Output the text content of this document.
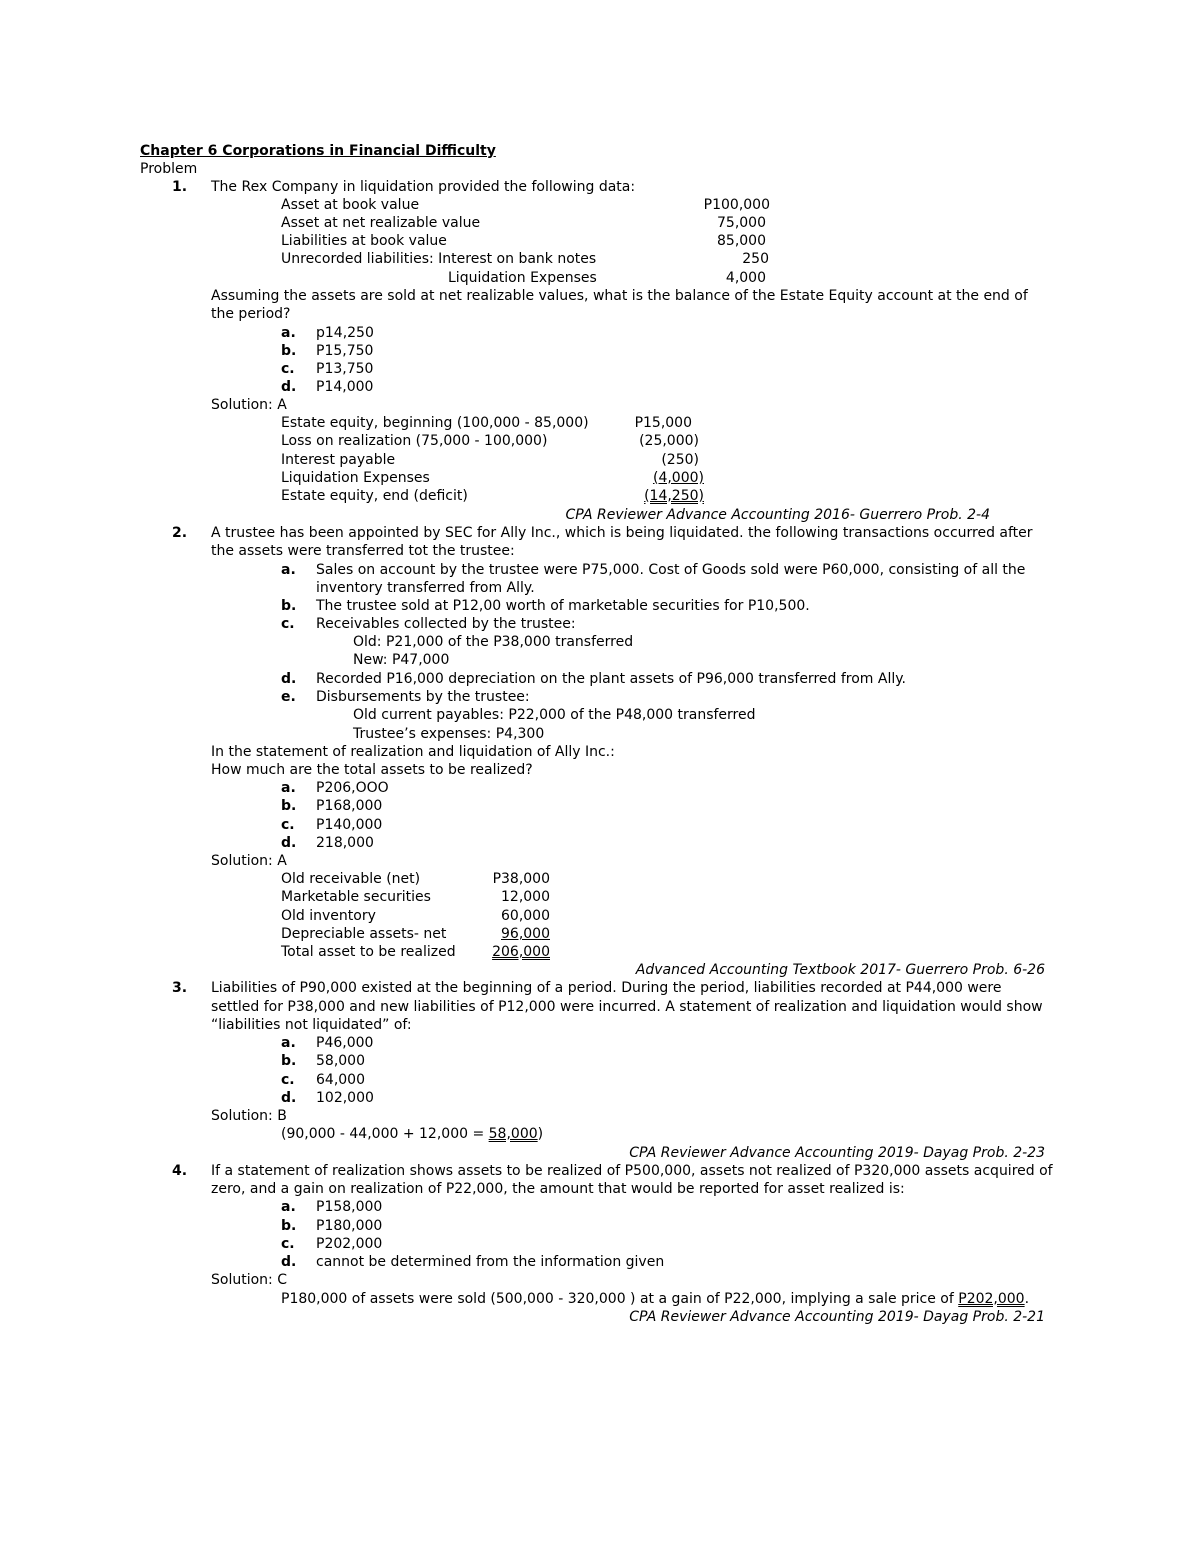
Chapter 6 Corporations in Financial Difficulty
Problem
1. The Rex Company in liquidation provided the following data:
Asset at book value	P100,000
Asset at net realizable value	75,000
Liabilities at book value	85,000
Unrecorded liabilities: Interest on bank notes	250
Liquidation Expenses	4,000
Assuming the assets are sold at net realizable values, what is the balance of the Estate Equity account at the end of
the period?
a. p14,250
b. P15,750
c. P13,750
d. P14,000
Solution: A
Estate equity, beginning (100,000 - 85,000)	P15,000
Loss on realization (75,000 - 100,000)	(25,000)
Interest payable	(250)
Liquidation Expenses	(4,000)
Estate equity, end (deficit)	(14,250)
CPA Reviewer Advance Accounting 2016- Guerrero Prob. 2-4
2. A trustee has been appointed by SEC for Ally Inc., which is being liquidated. the following transactions occurred after
the assets were transferred tot the trustee:
a. Sales on account by the trustee were P75,000. Cost of Goods sold were P60,000, consisting of all the
inventory transferred from Ally.
b. The trustee sold at P12,00 worth of marketable securities for P10,500.
c. Receivables collected by the trustee:
Old: P21,000 of the P38,000 transferred
New: P47,000
d. Recorded P16,000 depreciation on the plant assets of P96,000 transferred from Ally.
e. Disbursements by the trustee:
Old current payables: P22,000 of the P48,000 transferred
Trustee’s expenses: P4,300
In the statement of realization and liquidation of Ally Inc.:
How much are the total assets to be realized?
a. P206,OOO
b. P168,000
c. P140,000
d. 218,000
Solution: A
Old receivable (net)	P38,000
Marketable securities	12,000
Old inventory	60,000
Depreciable assets- net	96,000
Total asset to be realized	206,000
Advanced Accounting Textbook 2017- Guerrero Prob. 6-26
3. Liabilities of P90,000 existed at the beginning of a period. During the period, liabilities recorded at P44,000 were
settled for P38,000 and new liabilities of P12,000 were incurred. A statement of realization and liquidation would show
“liabilities not liquidated” of:
a. P46,000
b. 58,000
c. 64,000
d. 102,000
Solution: B
(90,000 - 44,000 + 12,000 = 58,000)
CPA Reviewer Advance Accounting 2019- Dayag Prob. 2-23
4. If a statement of realization shows assets to be realized of P500,000, assets not realized of P320,000 assets acquired of
zero, and a gain on realization of P22,000, the amount that would be reported for asset realized is:
a. P158,000
b. P180,000
c. P202,000
d. cannot be determined from the information given
Solution: C
P180,000 of assets were sold (500,000 - 320,000 ) at a gain of P22,000, implying a sale price of P202,000.
CPA Reviewer Advance Accounting 2019- Dayag Prob. 2-21
